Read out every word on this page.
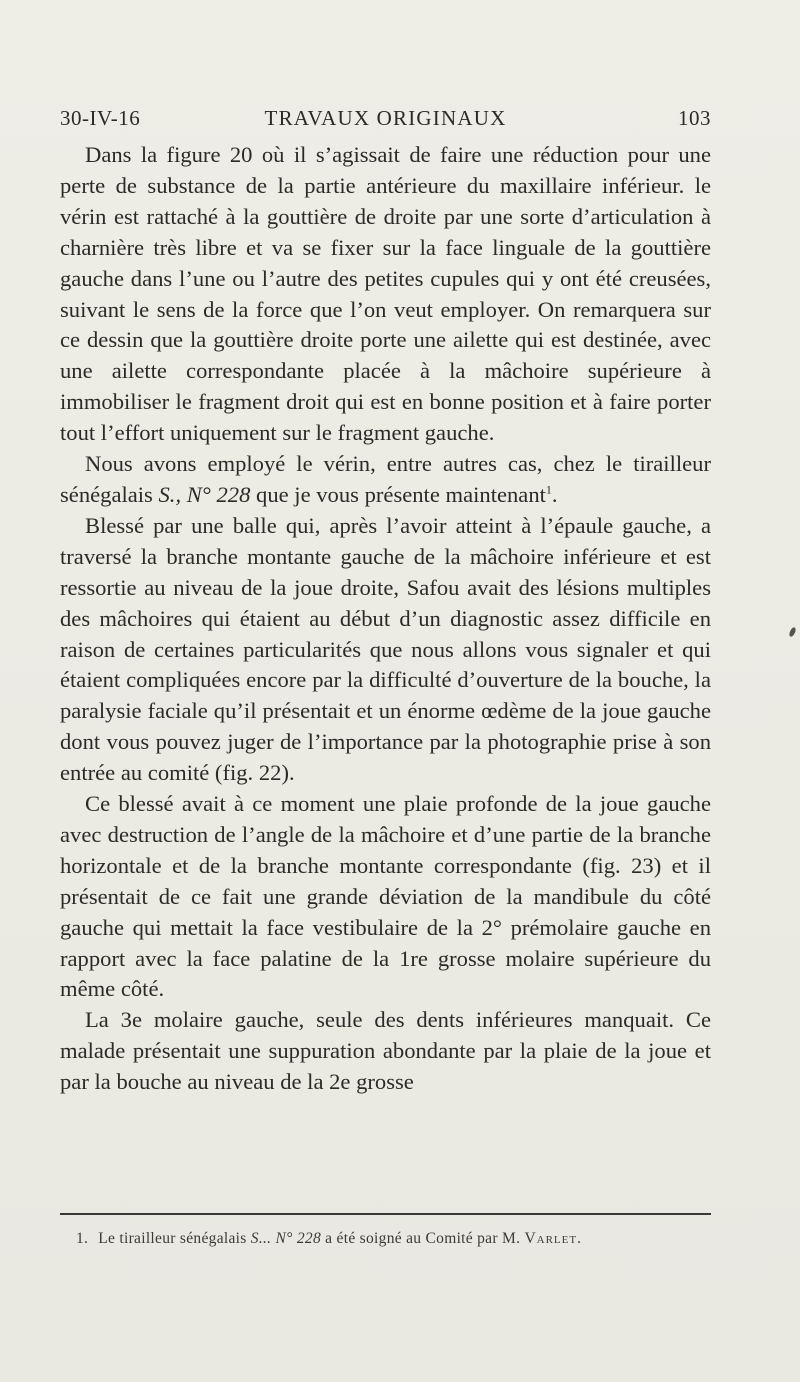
30-IV-16	TRAVAUX ORIGINAUX	103

Dans la figure 20 où il s’agissait de faire une réduction pour une perte de substance de la partie antérieure du maxillaire inférieur. le vérin est rattaché à la gouttière de droite par une sorte d’articulation à charnière très libre et va se fixer sur la face linguale de la gouttière gauche dans l’une ou l’autre des petites cupules qui y ont été creusées, suivant le sens de la force que l’on veut employer. On remarquera sur ce dessin que la gouttière droite porte une ailette qui est destinée, avec une ailette correspondante placée à la mâchoire supérieure à immobiliser le fragment droit qui est en bonne position et à faire porter tout l’effort uniquement sur le fragment gauche.

Nous avons employé le vérin, entre autres cas, chez le tirailleur sénégalais S., N° 228 que je vous présente maintenant$^1$.

Blessé par une balle qui, après l’avoir atteint à l’épaule gauche, a traversé la branche montante gauche de la mâchoire inférieure et est ressortie au niveau de la joue droite, Safou avait des lésions multiples des mâchoires qui étaient au début d’un diagnostic assez difficile en raison de certaines particularités que nous allons vous signaler et qui étaient compliquées encore par la difficulté d’ouverture de la bouche, la paralysie faciale qu’il présentait et un énorme œdème de la joue gauche dont vous pouvez juger de l’importance par la photographie prise à son entrée au comité (fig. 22).

Ce blessé avait à ce moment une plaie profonde de la joue gauche avec destruction de l’angle de la mâchoire et d’une partie de la branche horizontale et de la branche montante correspondante (fig. 23) et il présentait de ce fait une grande déviation de la mandibule du côté gauche qui mettait la face vestibulaire de la 2° prémolaire gauche en rapport avec la face palatine de la 1re grosse molaire supérieure du même côté.

La 3e molaire gauche, seule des dents inférieures manquait. Ce malade présentait une suppuration abondante par la plaie de la joue et par la bouche au niveau de la 2e grosse

1. Le tirailleur sénégalais S... N° 228 a été soigné au Comité par M. Varlet.
